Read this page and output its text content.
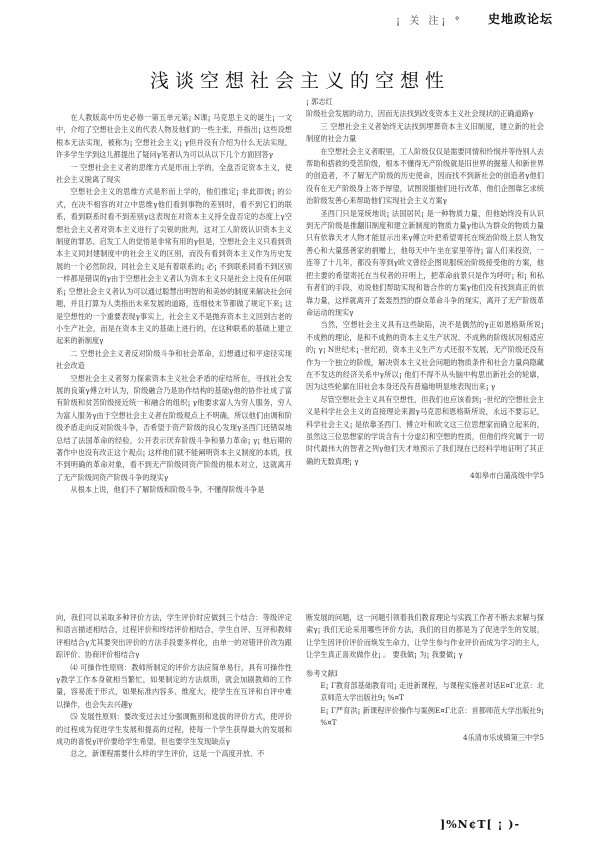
¡ 关 注¡ ° 史地政论坛
浅谈空想社会主义的空想性

在人教版高中历史必修一第五单元第¡ N课¡ 马克思主义的诞生¡ 一文中，介绍了空想社会主义的代表人物及他们的一些主张，并指出¡ 这些设想根本无法实现，被称为¡ 空想社会主义¡ γ但并没有介绍为什么无法实现，许多学生学到这儿都提出了疑问γ笔者认为可以从以下几个方面回答γ

一 空想社会主义者的思维方式是形而上学的，全盘否定资本主义，使社会主义脱离了现实

空想社会主义的思维方式是形而上学的，他们推定¡ 非此即彼¡ 的公式，在决不相容的对立中思维γ他们看到事物的差别时，看不到它们的联系，看到联系时看不到差别γ这表现在对资本主义持全盘否定的态度上γ空想社会主义者对资本主义进行了尖锐的批判，这对工人阶级认识资本主义制度的罪恶、启发工人的觉悟是非常有用的γ但是，空想社会主义只看到资本主义同封建制度中的社会主义的区别，而没有看到资本主义作为历史发展的一个必然阶段，同社会主义是有着联系的¡ 必¡ 不到联系同看不到区别一样都是错误的γ由于空想社会主义者认为资本主义只是社会上没有任何联系¡ 空想社会主义者认为可以通过聪慧出明智的和美妙的制度来解决社会问题，并且打算为人类指出未来发展的道路，连细枝末节都做了规定下来¡ 这是空想性的一个重要表现γ事实上，社会主义不是抛弃资本主义回到古老的小生产社会，而是在资本主义的基础上进行的，在这种联系的基础上建立起来的新制度γ

二 空想社会主义者反对阶级斗争和社会革命，幻想通过和平途径实现社会改造

空想社会主义者努力探索资本主义社会矛盾的症结所在，寻找社会发展的良策γ傅立叶认为，阶级融合乃是协作结构的基础γ他的协作社成了富有阶级和贫苦阶级接近统一和融合的组织¡ γ他要求富人为穷人服务，穷人为富人服务γ由于空想社会主义者在阶级观点上不明确，所以他们由调和阶级矛盾走向反对阶级斗争，否希望于资产阶级的良心发现γ圣西门还错误地总结了法国革命的经验，公开表示厌弃阶级斗争和暴力革命¡ γ¡ 他后期的著作中也没有改正这个观点¡ 这样他们就不能阐明资本主义制度的本质，找不到明确的革命对象，看不到无产阶级同资产阶级的根本对立，这就离开了无产阶级同资产阶级斗争的现实γ

从根本上说，他们不了解阶级和阶级斗争，不懂得阶级斗争是

¡ 郭志红

阶级社会发展的动力，因而无法找到改变资本主义社会现状的正确道路γ

三 空想社会主义者始终无法找到埋葬资本主义旧制度，建立新的社会制度的社会力量

在空想社会主义者眼里，工人阶级仅仅是需要同情和怜悯并等待别人去帮助和搭救的受苦阶级，根本不懂得无产阶级就是旧世界的掘墓人和新世界的创造者，不了解无产阶级的历史使命，因而找不到新社会的创造者γ他们没有在无产阶级身上寄予厚望，试图说服他们进行改革，他们企图靠乞求统治阶级发善心来帮助他们实现社会主义方案γ

圣西门只是笼统地说¡ 法国居民¡ 是一种物质力量，但他始终没有认识到无产阶级是推翻旧制度和建立新制度的物质力量γ他认为群众的物质力量只有依靠天才人物才能显示出来γ傅立叶把希望寄托在统治阶级上层人物发善心和大量慈善家的捐赠上，他每天中午坐在家里等待¡ 富人们来投资，一连等了十几年，都没有等到γ欧文曾经企图说服统治阶级接受他的方案，他把主要的希望寄托在当权者的开明上，把革命前景只是作为呼吁¡ 和¡ 和私有者们的手段，劝说他们帮助实现和谐合作的方案γ他们没有找到真正的依靠力量，这样就离开了轰轰烈烈的群众革命斗争的现实，离开了无产阶级革命运动的现实γ

当然，空想社会主义具有这些缺陷，决不是偶然的γ正如恩格斯所说¡ 不成熟的理论，是和不成熟的资本主义生产状况、不成熟的阶级状况相适应的¡ γ¡ N世纪末¡ -世纪初，资本主义生产方式还很不发展，无产阶级还没有作为一个独立的阶级，解决资本主义社会问题的物质条件和社会力量尚隐藏在不发达的经济关系中γ所以¡ 他们不得不从头脑中构思出新社会的轮廓，因为这些轮廓在旧社会本身还没有普遍地明显地表现出来¡ γ

尽管空想社会主义具有空想性，但我们也应该看到¡ -世纪的空想社会主义是科学社会主义的直接理论来源γ马克思和恩格斯所说，永远不要忘记，科学社会主义¡ 是依靠圣西门、傅立叶和欧文这三位思想家而确立起来的，虽然这三位思想家的学说含有十分虚幻和空想的性质，但他们终究属于一切时代最伟大的智者之列γ他们天才地预示了我们现在已经科学地证明了其正确的无数真理¡ γ

4如皋市白蒲高级中学5

向，我们可以采取多种评价方法，学生评价时应做到三个结合：等级评定和语言描述相结合，过程评价和终结评价相结合，学生自评、互评和教师评相结合γ尤其要突出评价的方法手段要多样化，由单一的对错评价改为跟踪评价、协商评价相结合γ

⑷ 可操作性原则：教师所制定的评价方法应简单易行，具有可操作性γ教学工作本身就相当繁忙，如果制定的方法烦琐，就会加剧教师的工作量，容易流于形式，如果标准内容多、维度大，使学生在互评和自评中难以操作，也会失去兴趣γ

⑸ 发展性原则：要改变过去过分强调甄别和选拔的评价方式，使评价的过程成为促进学生发展和提高的过程，使每一个学生获得最大的发展和成功的喜悦γ评价要给学生希望，但也要学生发现缺点γ

总之，新课程需要什么样的学生评价，这是一个高度开放、不

断发展的问题，这一问题引领着我们教育理论与实践工作者不断去求解与探索γ¡ 我们无论采用哪些评价方法，我们的目的都是为了促进学生的发展，让学生因评价评价而焕发生命力，让学生参与作业评价而成为学习的主人，让学生真正喜欢做作业¡ 。 要我做¡ 为¡ 我要做¡ γ

参考文献I

E¡ Γ教育部基础教育司¡ 走进新课程，与课程实施者对话E¤Γ北京：北京师范大学出版社9¡ %¤T

E¡ Γ严育洪¡ 新课程评价操作与案例E¤Γ北京：首都师范大学出版社9¡ %¤T

4乐清市乐成镇第三中学5

]%N¢Τ[ ¡ )-
